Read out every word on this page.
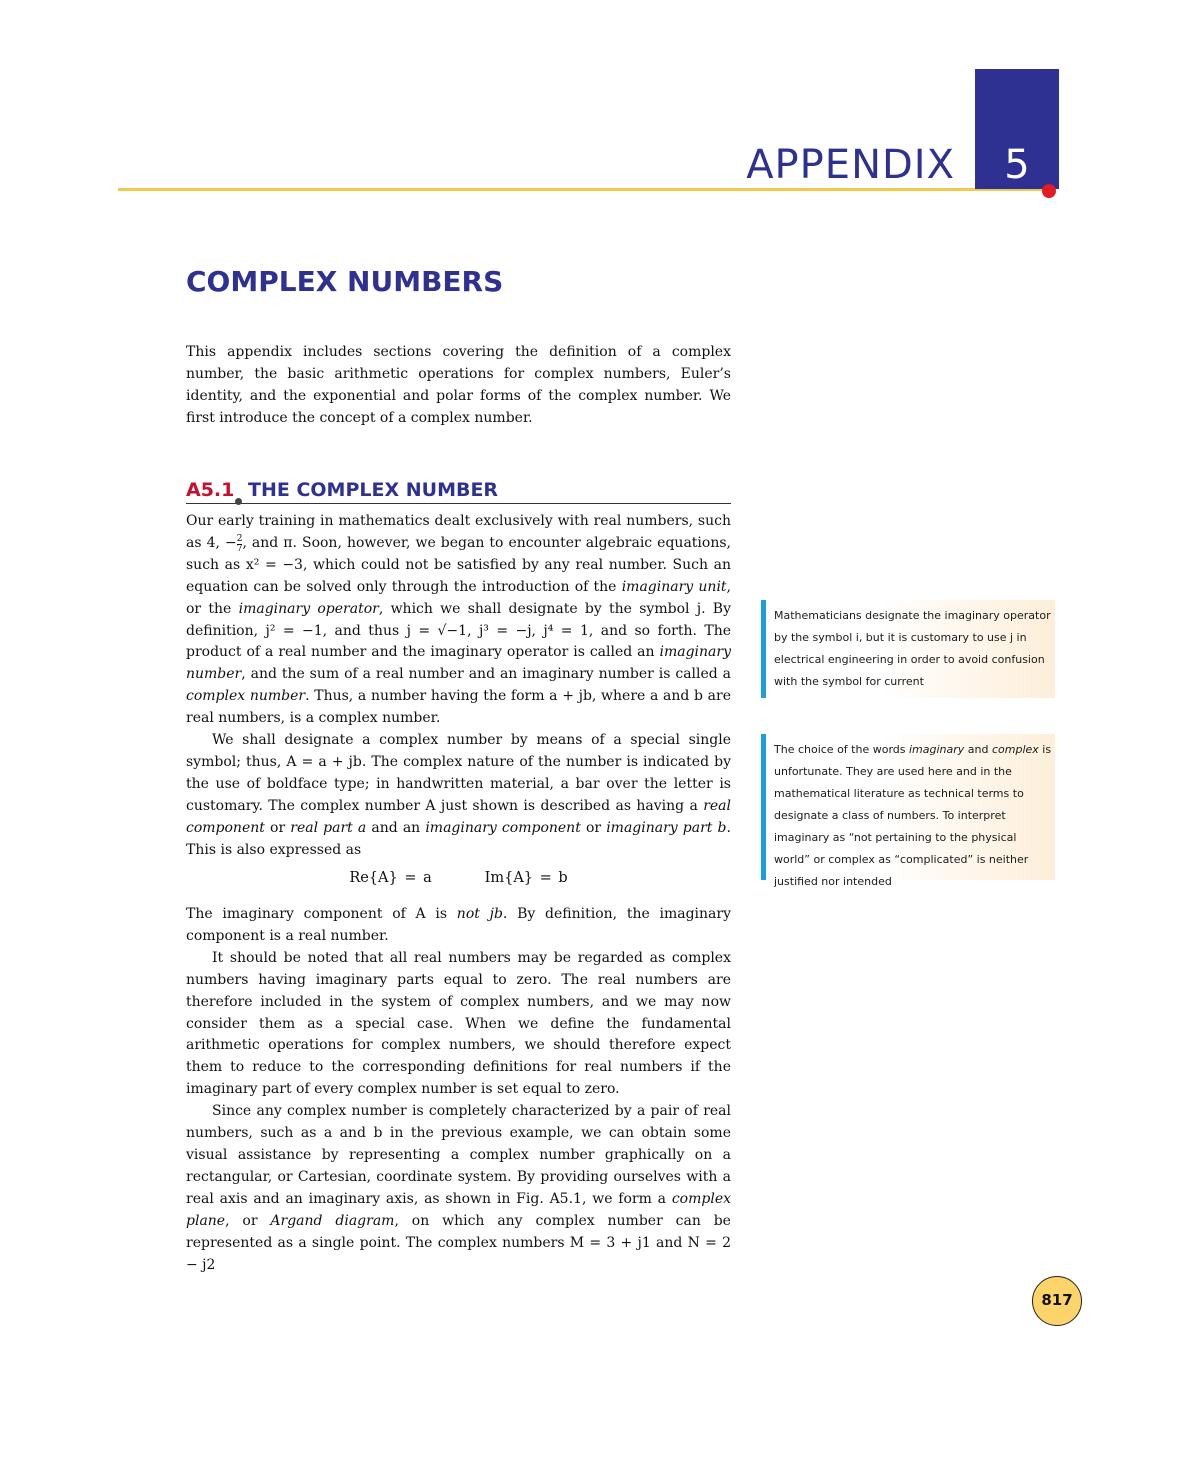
APPENDIX	5
COMPLEX NUMBERS

This appendix includes sections covering the definition of a complex number, the basic arithmetic operations for complex numbers, Euler’s identity, and the exponential and polar forms of the complex number. We first introduce the concept of a complex number.

A5.1 THE COMPLEX NUMBER

Our early training in mathematics dealt exclusively with real numbers, such as 4, − $\frac{2}{7}$ , and π. Soon, however, we began to encounter algebraic equations, such as x² = −3, which could not be satisfied by any real number. Such an equation can be solved only through the introduction of the imaginary unit, or the imaginary operator, which we shall designate by the symbol j. By definition, j² = −1, and thus j = √−1, j³ = −j, j⁴ = 1, and so forth. The product of a real number and the imaginary operator is called an imaginary number, and the sum of a real number and an imaginary number is called a complex number. Thus, a number having the form a + jb, where a and b are real numbers, is a complex number.

We shall designate a complex number by means of a special single symbol; thus, A = a + jb. The complex nature of the number is indicated by the use of boldface type; in handwritten material, a bar over the letter is customary. The complex number A just shown is described as having a real component or real part a and an imaginary component or imaginary part b. This is also expressed as

Re{A} = a        Im{A} = b

The imaginary component of A is not jb. By definition, the imaginary component is a real number.

It should be noted that all real numbers may be regarded as complex numbers having imaginary parts equal to zero. The real numbers are therefore included in the system of complex numbers, and we may now consider them as a special case. When we define the fundamental arithmetic operations for complex numbers, we should therefore expect them to reduce to the corresponding definitions for real numbers if the imaginary part of every complex number is set equal to zero.

Since any complex number is completely characterized by a pair of real numbers, such as a and b in the previous example, we can obtain some visual assistance by representing a complex number graphically on a rectangular, or Cartesian, coordinate system. By providing ourselves with a real axis and an imaginary axis, as shown in Fig. A5.1, we form a complex plane, or Argand diagram, on which any complex number can be represented as a single point. The complex numbers M = 3 + j1 and N = 2 − j2

Mathematicians designate the imaginary operator by the symbol i, but it is customary to use j in electrical engineering in order to avoid confusion with the symbol for current
The choice of the words imaginary and complex is unfortunate. They are used here and in the mathematical literature as technical terms to designate a class of numbers. To interpret imaginary as “not pertaining to the physical world” or complex as “complicated” is neither justified nor intended
817
